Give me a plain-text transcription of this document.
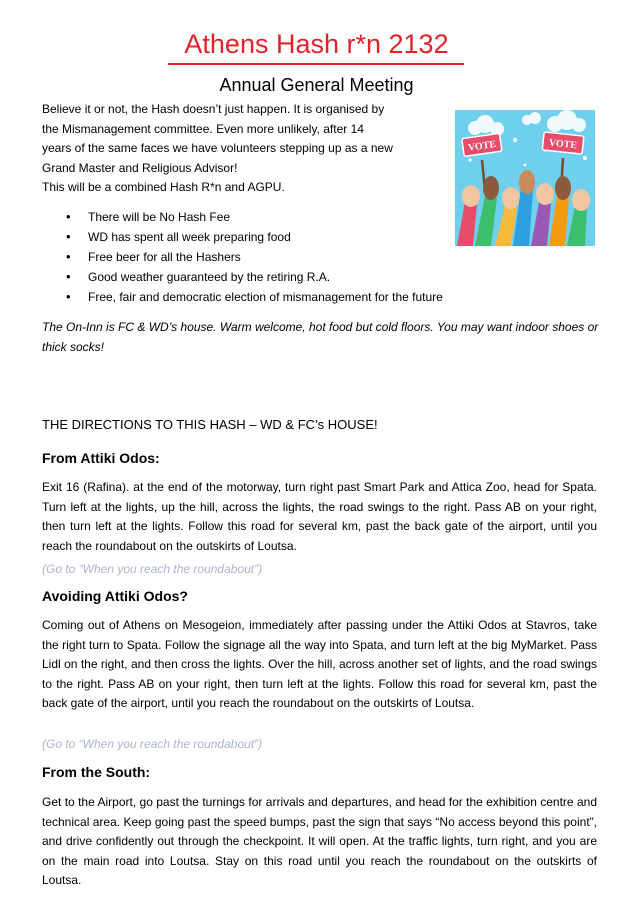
Athens Hash r*n 2132
Annual General Meeting

Believe it or not, the Hash doesn’t just happen. It is organised by

the Mismanagement committee. Even more unlikely, after 14

years of the same faces we have volunteers stepping up as a new

Grand Master and Religious Advisor!

This will be a combined Hash R*n and AGPU.

VOTE	VOTE
• There will be No Hash Fee
• WD has spent all week preparing food
• Free beer for all the Hashers
• Good weather guaranteed by the retiring R.A.
• Free, fair and democratic election of mismanagement for the future
The On-Inn is FC & WD’s house. Warm welcome, hot food but cold floors. You may want indoor shoes or thick socks!
THE DIRECTIONS TO THIS HASH – WD & FC’s HOUSE!
From Attiki Odos:
Exit 16 (Rafina). at the end of the motorway, turn right past Smart Park and Attica Zoo, head for Spata. Turn left at the lights, up the hill, across the lights, the road swings to the right. Pass AB on your right, then turn left at the lights. Follow this road for several km, past the back gate of the airport, until you reach the roundabout on the outskirts of Loutsa.
(Go to “When you reach the roundabout”)
Avoiding Attiki Odos?
Coming out of Athens on Mesogeion, immediately after passing under the Attiki Odos at Stavros, take the right turn to Spata. Follow the signage all the way into Spata, and turn left at the big MyMarket. Pass Lidl on the right, and then cross the lights. Over the hill, across another set of lights, and the road swings to the right. Pass AB on your right, then turn left at the lights. Follow this road for several km, past the back gate of the airport, until you reach the roundabout on the outskirts of Loutsa.
(Go to “When you reach the roundabout”)
From the South:
Get to the Airport, go past the turnings for arrivals and departures, and head for the exhibition centre and technical area. Keep going past the speed bumps, past the sign that says “No access beyond this point”, and drive confidently out through the checkpoint. It will open. At the traffic lights, turn right, and you are on the main road into Loutsa. Stay on this road until you reach the roundabout on the outskirts of Loutsa.
